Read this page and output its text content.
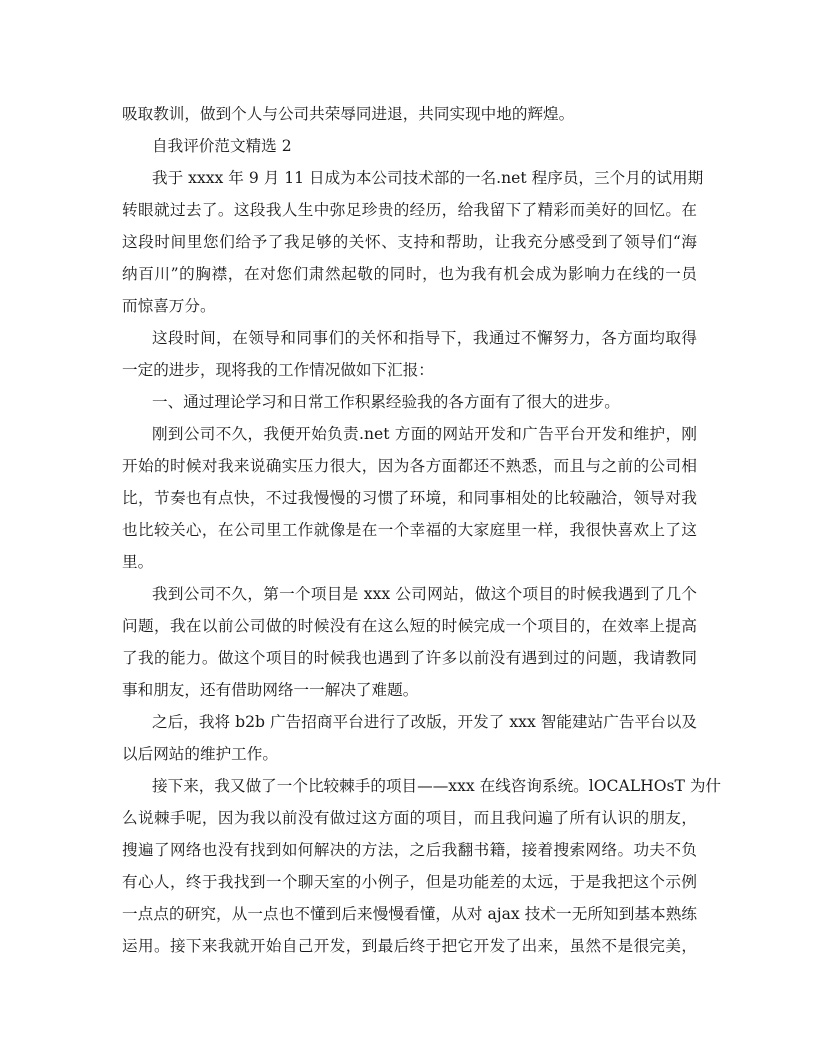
吸取教训，做到个人与公司共荣辱同进退，共同实现中地的辉煌。
自我评价范文精选 2
我于 xxxx 年 9 月 11 日成为本公司技术部的一名.net 程序员，三个月的试用期
转眼就过去了。这段我人生中弥足珍贵的经历，给我留下了精彩而美好的回忆。在
这段时间里您们给予了我足够的关怀、支持和帮助，让我充分感受到了领导们“海
纳百川”的胸襟，在对您们肃然起敬的同时，也为我有机会成为影响力在线的一员
而惊喜万分。
这段时间，在领导和同事们的关怀和指导下，我通过不懈努力，各方面均取得
一定的进步，现将我的工作情况做如下汇报：
一、通过理论学习和日常工作积累经验我的各方面有了很大的进步。
刚到公司不久，我便开始负责.net 方面的网站开发和广告平台开发和维护，刚
开始的时候对我来说确实压力很大，因为各方面都还不熟悉，而且与之前的公司相
比，节奏也有点快，不过我慢慢的习惯了环境，和同事相处的比较融洽，领导对我
也比较关心，在公司里工作就像是在一个幸福的大家庭里一样，我很快喜欢上了这
里。
我到公司不久，第一个项目是 xxx 公司网站，做这个项目的时候我遇到了几个
问题，我在以前公司做的时候没有在这么短的时候完成一个项目的，在效率上提高
了我的能力。做这个项目的时候我也遇到了许多以前没有遇到过的问题，我请教同
事和朋友，还有借助网络一一解决了难题。
之后，我将 b2b 广告招商平台进行了改版，开发了 xxx 智能建站广告平台以及
以后网站的维护工作。
接下来，我又做了一个比较棘手的项目——xxx 在线咨询系统。lOCALHOsT 为什
么说棘手呢，因为我以前没有做过这方面的项目，而且我问遍了所有认识的朋友，
搜遍了网络也没有找到如何解决的方法，之后我翻书籍，接着搜索网络。功夫不负
有心人，终于我找到一个聊天室的小例子，但是功能差的太远，于是我把这个示例
一点点的研究，从一点也不懂到后来慢慢看懂，从对 ajax 技术一无所知到基本熟练
运用。接下来我就开始自己开发，到最后终于把它开发了出来，虽然不是很完美，
